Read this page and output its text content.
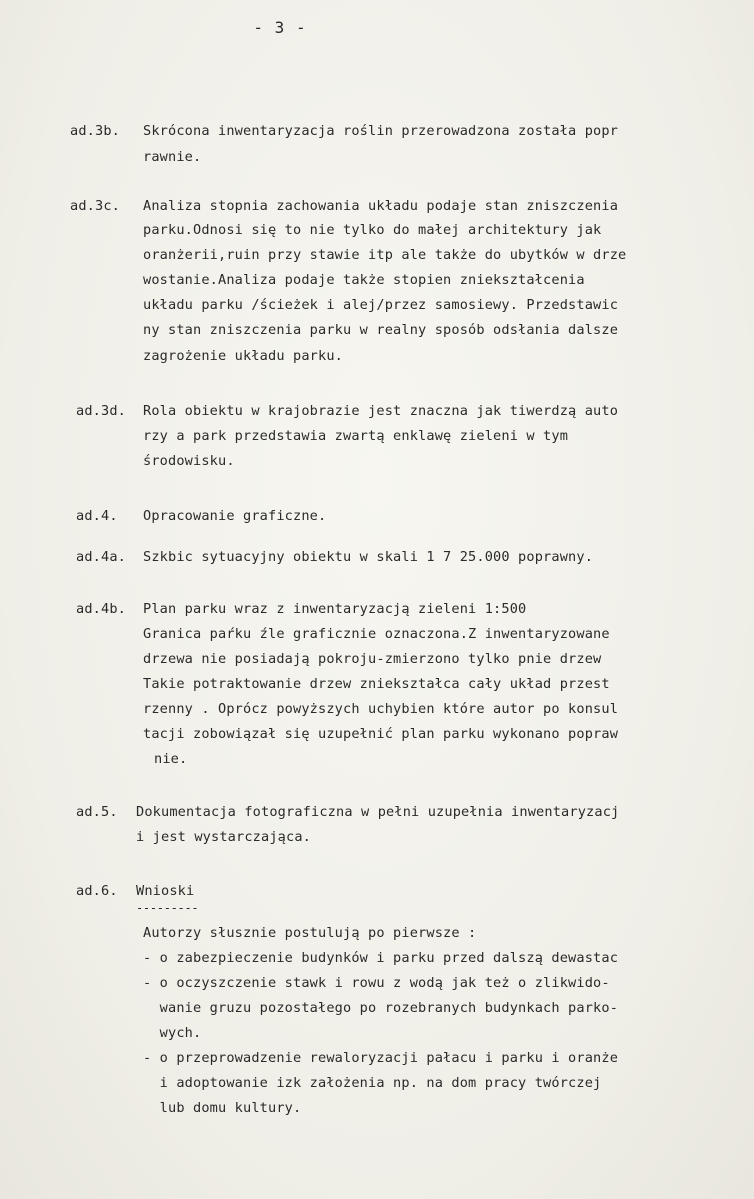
- 3 -
ad.3b. Skrócona inwentaryzacja roślin przerowadzona została popr
rawnie.
ad.3c. Analiza stopnia zachowania układu podaje stan zniszczenia
parku.Odnosi się to nie tylko do małej architektury jak
oranżerii,ruin przy stawie itp ale także do ubytków w drze
wostanie.Analiza podaje także stopien zniekształcenia
układu parku /ścieżek i alej/przez samosiewy. Przedstawic
ny stan zniszczenia parku w realny sposób odsłania dalsze
zagrożenie układu parku.
ad.3d. Rola obiektu w krajobrazie jest znaczna jak tiwerdzą auto
rzy a park przedstawia zwartą enklawę zieleni w tym
środowisku.
ad.4. Opracowanie graficzne.
ad.4a. Szkbic sytuacyjny obiektu w skali 1 7 25.000 poprawny.
ad.4b. Plan parku wraz z inwentaryzacją zieleni 1:500
Granica paŕku źle graficznie oznaczona.Z inwentaryzowane
drzewa nie posiadają pokroju-zmierzono tylko pnie drzew
Takie potraktowanie drzew zniekształca cały układ przest
rzenny . Oprócz powyższych uchybien które autor po konsul
tacji zobowiązał się uzupełnić plan parku wykonano popraw
nie.
ad.5. Dokumentacja fotograficzna w pełni uzupełnia inwentaryzacj
i jest wystarczająca.
ad.6. Wnioski
---------
Autorzy słusznie postulują po pierwsze :
- o zabezpieczenie budynków i parku przed dalszą dewastac
- o oczyszczenie stawk i rowu z wodą jak też o zlikwido-
wanie gruzu pozostałego po rozebranych budynkach parko-
wych.
- o przeprowadzenie rewaloryzacji pałacu i parku i oranże
i adoptowanie izk założenia np. na dom pracy twórczej
lub domu kultury.
